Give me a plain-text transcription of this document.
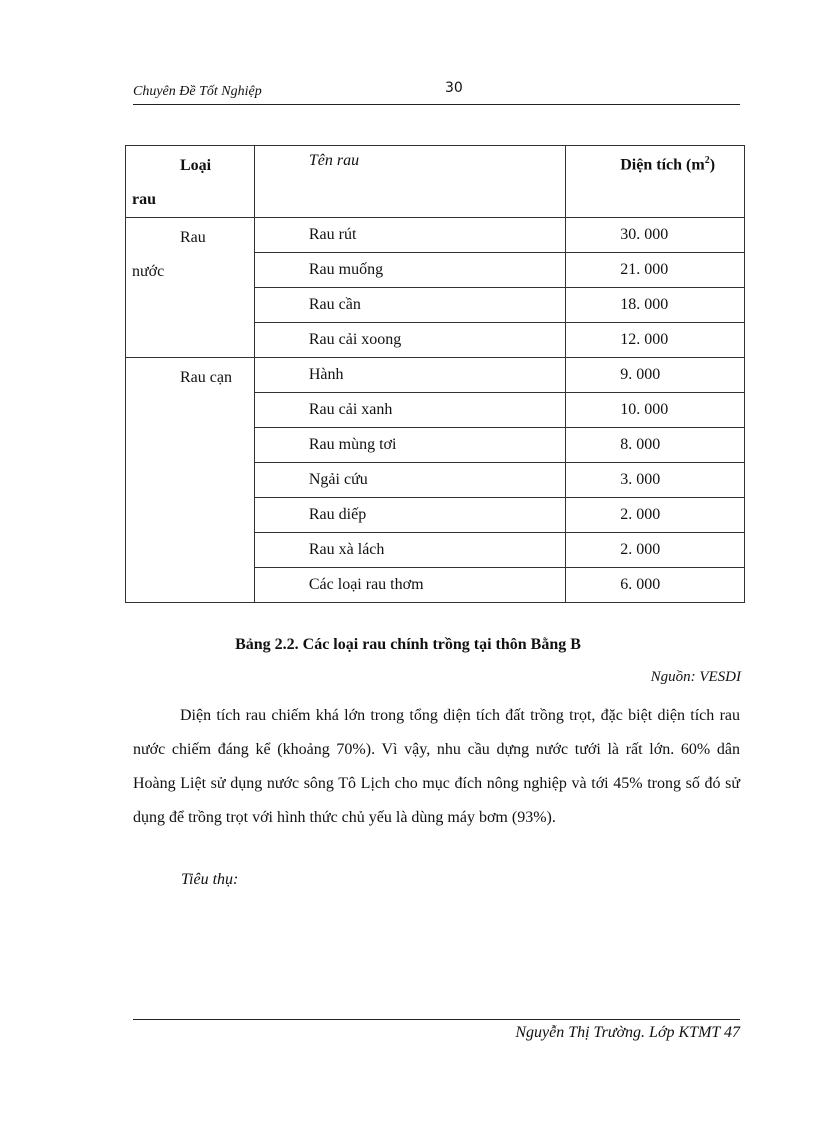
Chuyên Đề Tốt Nghiệp	30
Loại
rau	Tên rau	Diện tích $(m^2)$

Rau
nước	Rau rút	30. 000
	Rau muống	21. 000
	Rau cần	18. 000
	Rau cải xoong	12. 000

Rau cạn	Hành	9. 000
	Rau cải xanh	10. 000
	Rau mùng tơi	8. 000
	Ngải cứu	3. 000
	Rau diếp	2. 000
	Rau xà lách	2. 000
	Các loại rau thơm	6. 000
Bảng 2.2. Các loại rau chính trồng tại thôn Bằng B
Nguồn: VESDI

Diện tích rau chiếm khá lớn trong tổng diện tích đất trồng trọt, đặc biệt diện tích rau nước chiếm đáng kể (khoảng 70%). Vì vậy, nhu cầu dựng nước tưới là rất lớn. 60% dân Hoàng Liệt sử dụng nước sông Tô Lịch cho mục đích nông nghiệp và tới 45% trong số đó sử dụng để trồng trọt với hình thức chủ yếu là dùng máy bơm (93%).

Tiêu thụ:
Nguyễn Thị Trường. Lớp KTMT 47
